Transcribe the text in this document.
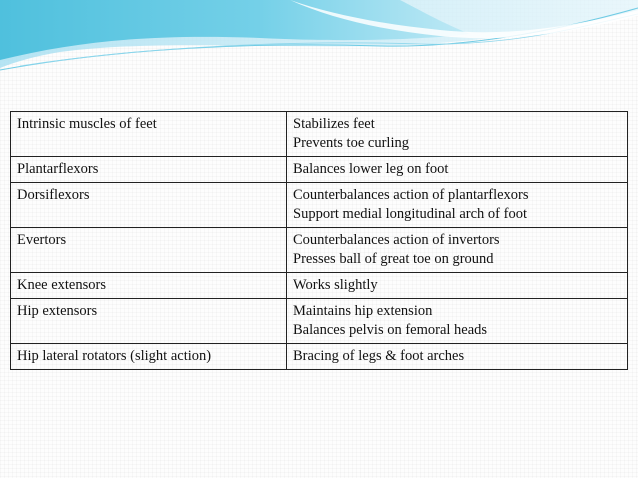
Intrinsic muscles of feet	Stabilizes feet
Prevents toe curling

Plantarflexors	Balances lower leg on foot

Dorsiflexors	Counterbalances action of plantarflexors
Support medial longitudinal arch of foot

Evertors	Counterbalances action of invertors
Presses ball of great toe on ground

Knee extensors	Works slightly

Hip extensors	Maintains hip extension
Balances pelvis on femoral heads

Hip lateral rotators (slight action)	Bracing of legs & foot arches
